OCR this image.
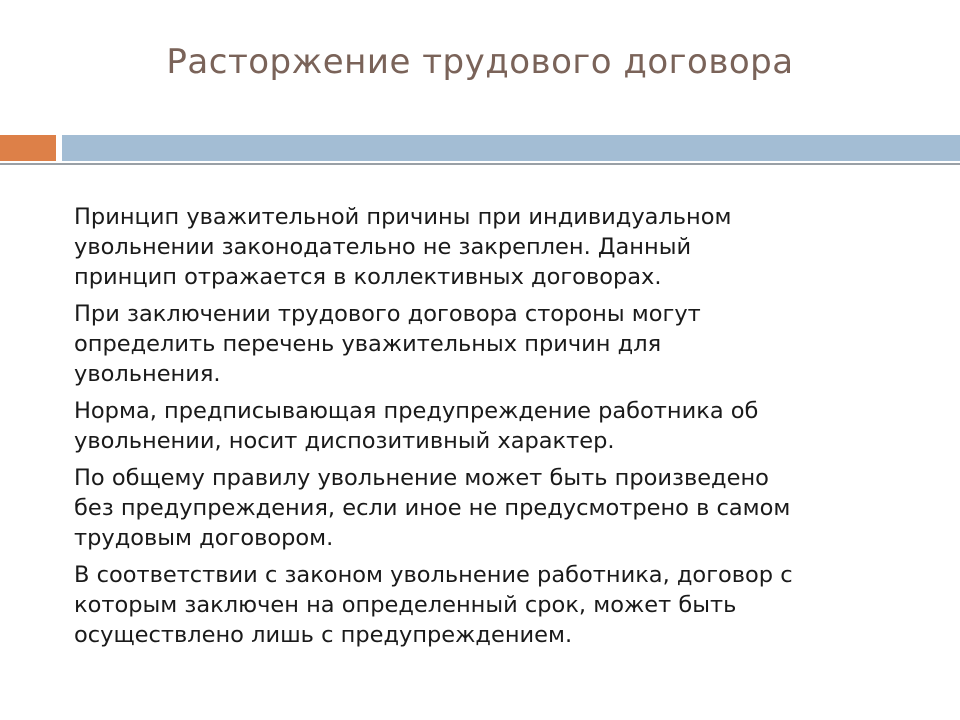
Расторжение трудового договора

Принцип уважительной причины при индивидуальном
увольнении законодательно не закреплен. Данный
принцип отражается в коллективных договорах.

При заключении трудового договора стороны могут
определить перечень уважительных причин для
увольнения.

Норма, предписывающая предупреждение работника об
увольнении, носит диспозитивный характер.

По общему правилу увольнение может быть произведено
без предупреждения, если иное не предусмотрено в самом
трудовым договором.

В соответствии с законом увольнение работника, договор с
которым заключен на определенный срок, может быть
осуществлено лишь с предупреждением.
